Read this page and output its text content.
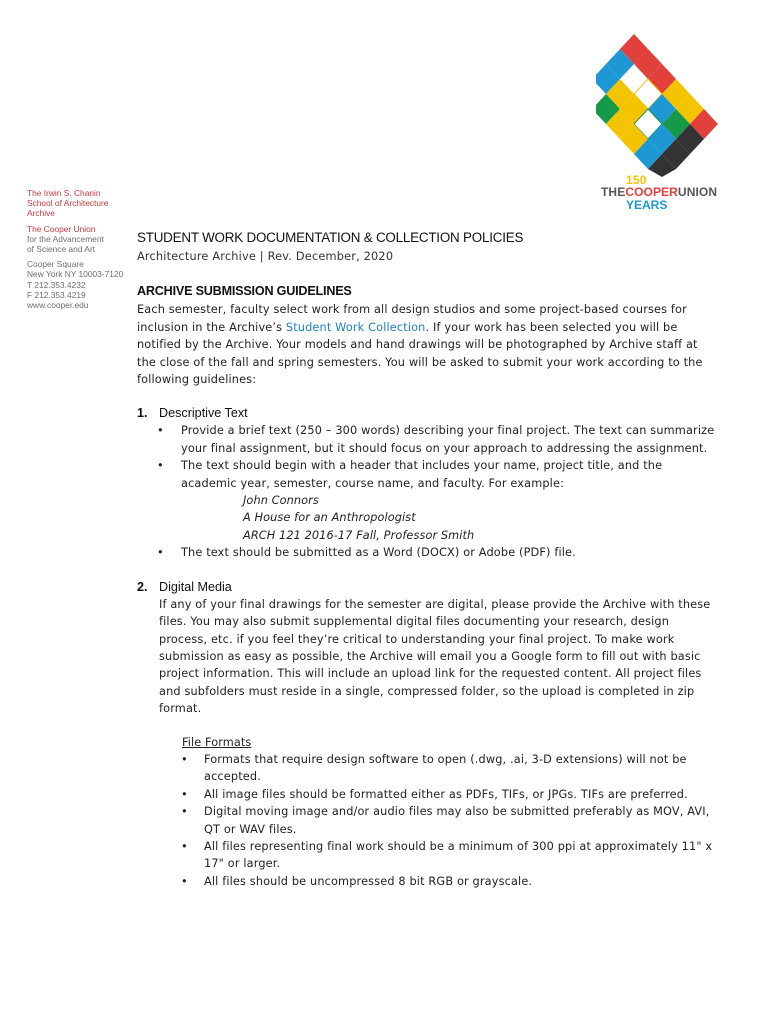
The Irwin S. Chanin
School of Architecture
Archive
The Cooper Union
for the Advancement
of Science and Art
Cooper Square
New York NY 10003-7120
T 212.353.4232
F 212.353.4219
www.cooper.edu
150
THECOOPERUNION
YEARS
STUDENT WORK DOCUMENTATION & COLLECTION POLICIES

Architecture Archive | Rev. December, 2020

ARCHIVE SUBMISSION GUIDELINES

Each semester, faculty select work from all design studios and some project-based courses for inclusion in the Archive’s Student Work Collection. If your work has been selected you will be notified by the Archive. Your models and hand drawings will be photographed by Archive staff at the close of the fall and spring semesters. You will be asked to submit your work according to the following guidelines:

1. Descriptive Text
• Provide a brief text (250 – 300 words) describing your final project. The text can summarize your final assignment, but it should focus on your approach to addressing the assignment.
• The text should begin with a header that includes your name, project title, and the academic year, semester, course name, and faculty. For example:
John Connors
A House for an Anthropologist
ARCH 121 2016-17 Fall, Professor Smith
• The text should be submitted as a Word (DOCX) or Adobe (PDF) file.
2. Digital Media

If any of your final drawings for the semester are digital, please provide the Archive with these files. You may also submit supplemental digital files documenting your research, design process, etc. if you feel they’re critical to understanding your final project. To make work submission as easy as possible, the Archive will email you a Google form to fill out with basic project information. This will include an upload link for the requested content. All project files and subfolders must reside in a single, compressed folder, so the upload is completed in zip format.

File Formats
• Formats that require design software to open (.dwg, .ai, 3-D extensions) will not be accepted.
• All image files should be formatted either as PDFs, TIFs, or JPGs. TIFs are preferred.
• Digital moving image and/or audio files may also be submitted preferably as MOV, AVI, QT or WAV files.
• All files representing final work should be a minimum of 300 ppi at approximately 11" x 17" or larger.
• All files should be uncompressed 8 bit RGB or grayscale.
